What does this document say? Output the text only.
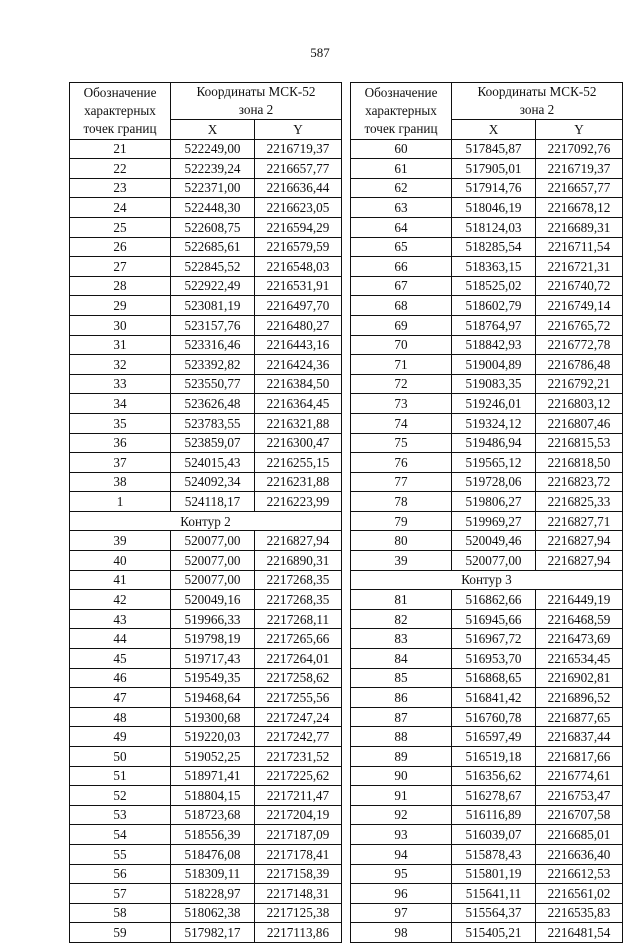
587
Обозначение
характерных
точек границ	Координаты МСК-52
зона 2	
	X	Y
21	522249,00	2216719,37
22	522239,24	2216657,77
23	522371,00	2216636,44
24	522448,30	2216623,05
25	522608,75	2216594,29
26	522685,61	2216579,59
27	522845,52	2216548,03
28	522922,49	2216531,91
29	523081,19	2216497,70
30	523157,76	2216480,27
31	523316,46	2216443,16
32	523392,82	2216424,36
33	523550,77	2216384,50
34	523626,48	2216364,45
35	523783,55	2216321,88
36	523859,07	2216300,47
37	524015,43	2216255,15
38	524092,34	2216231,88
1	524118,17	2216223,99
Контур 2		
39	520077,00	2216827,94
40	520077,00	2216890,31
41	520077,00	2217268,35
42	520049,16	2217268,35
43	519966,33	2217268,11
44	519798,19	2217265,66
45	519717,43	2217264,01
46	519549,35	2217258,62
47	519468,64	2217255,56
48	519300,68	2217247,24
49	519220,03	2217242,77
50	519052,25	2217231,52
51	518971,41	2217225,62
52	518804,15	2217211,47
53	518723,68	2217204,19
54	518556,39	2217187,09
55	518476,08	2217178,41
56	518309,11	2217158,39
57	518228,97	2217148,31
58	518062,38	2217125,38
59	517982,17	2217113,86
Обозначение
характерных
точек границ	Координаты МСК-52
зона 2	
	X	Y
60	517845,87	2217092,76
61	517905,01	2216719,37
62	517914,76	2216657,77
63	518046,19	2216678,12
64	518124,03	2216689,31
65	518285,54	2216711,54
66	518363,15	2216721,31
67	518525,02	2216740,72
68	518602,79	2216749,14
69	518764,97	2216765,72
70	518842,93	2216772,78
71	519004,89	2216786,48
72	519083,35	2216792,21
73	519246,01	2216803,12
74	519324,12	2216807,46
75	519486,94	2216815,53
76	519565,12	2216818,50
77	519728,06	2216823,72
78	519806,27	2216825,33
79	519969,27	2216827,71
80	520049,46	2216827,94
39	520077,00	2216827,94
Контур 3		
81	516862,66	2216449,19
82	516945,66	2216468,59
83	516967,72	2216473,69
84	516953,70	2216534,45
85	516868,65	2216902,81
86	516841,42	2216896,52
87	516760,78	2216877,65
88	516597,49	2216837,44
89	516519,18	2216817,66
90	516356,62	2216774,61
91	516278,67	2216753,47
92	516116,89	2216707,58
93	516039,07	2216685,01
94	515878,43	2216636,40
95	515801,19	2216612,53
96	515641,11	2216561,02
97	515564,37	2216535,83
98	515405,21	2216481,54
